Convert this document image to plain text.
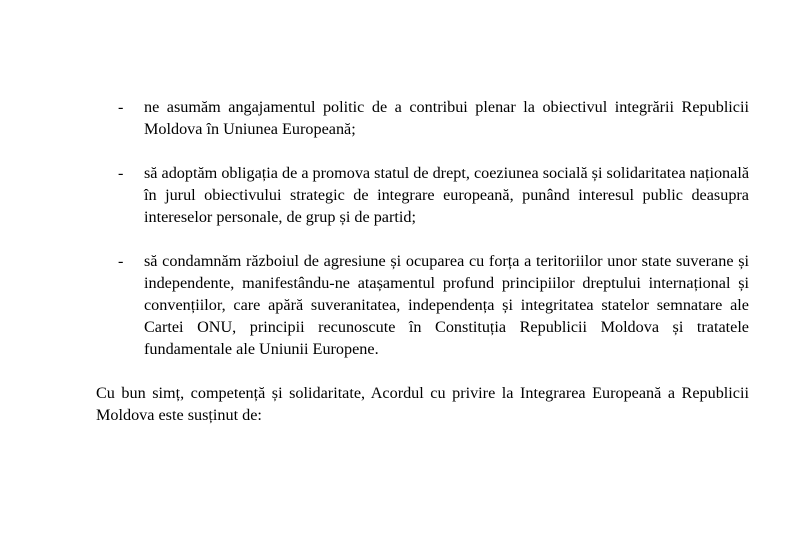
- ne asumăm angajamentul politic de a contribui plenar la obiectivul integrării Republicii Moldova în Uniunea Europeană;
- să adoptăm obligația de a promova statul de drept, coeziunea socială și solidaritatea națională în jurul obiectivului strategic de integrare europeană, punând interesul public deasupra intereselor personale, de grup și de partid;
- să condamnăm războiul de agresiune și ocuparea cu forța a teritoriilor unor state suverane și independente, manifestându-ne atașamentul profund principiilor dreptului internațional și convențiilor, care apără suveranitatea, independența și integritatea statelor semnatare ale Cartei ONU, principii recunoscute în Constituția Republicii Moldova și tratatele fundamentale ale Uniunii Europene.

Cu bun simț, competență și solidaritate, Acordul cu privire la Integrarea Europeană a Republicii Moldova este susținut de:
